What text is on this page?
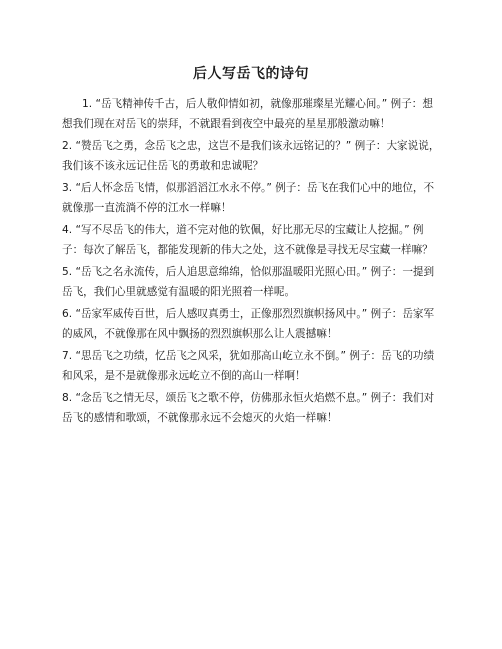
后人写岳飞的诗句

1. “岳飞精神传千古，后人敬仰情如初，就像那璀璨星光耀心间。” 例子：想想我们现在对岳飞的崇拜，不就跟看到夜空中最亮的星星那般激动嘛！

2. “赞岳飞之勇，念岳飞之忠，这岂不是我们该永远铭记的？” 例子：大家说说，我们该不该永远记住岳飞的勇敢和忠诚呢？

3. “后人怀念岳飞情，似那滔滔江水永不停。” 例子：岳飞在我们心中的地位，不就像那一直流淌不停的江水一样嘛！

4. “写不尽岳飞的伟大，道不完对他的钦佩，好比那无尽的宝藏让人挖掘。” 例子：每次了解岳飞，都能发现新的伟大之处，这不就像是寻找无尽宝藏一样嘛？

5. “岳飞之名永流传，后人追思意绵绵，恰似那温暖阳光照心田。” 例子：一提到岳飞，我们心里就感觉有温暖的阳光照着一样呢。

6. “岳家军威传百世，后人感叹真勇士，正像那烈烈旗帜扬风中。” 例子：岳家军的威风，不就像那在风中飘扬的烈烈旗帜那么让人震撼嘛！

7. “思岳飞之功绩，忆岳飞之风采，犹如那高山屹立永不倒。” 例子：岳飞的功绩和风采，是不是就像那永远屹立不倒的高山一样啊！

8. “念岳飞之情无尽，颂岳飞之歌不停，仿佛那永恒火焰燃不息。” 例子：我们对岳飞的感情和歌颂，不就像那永远不会熄灭的火焰一样嘛！
